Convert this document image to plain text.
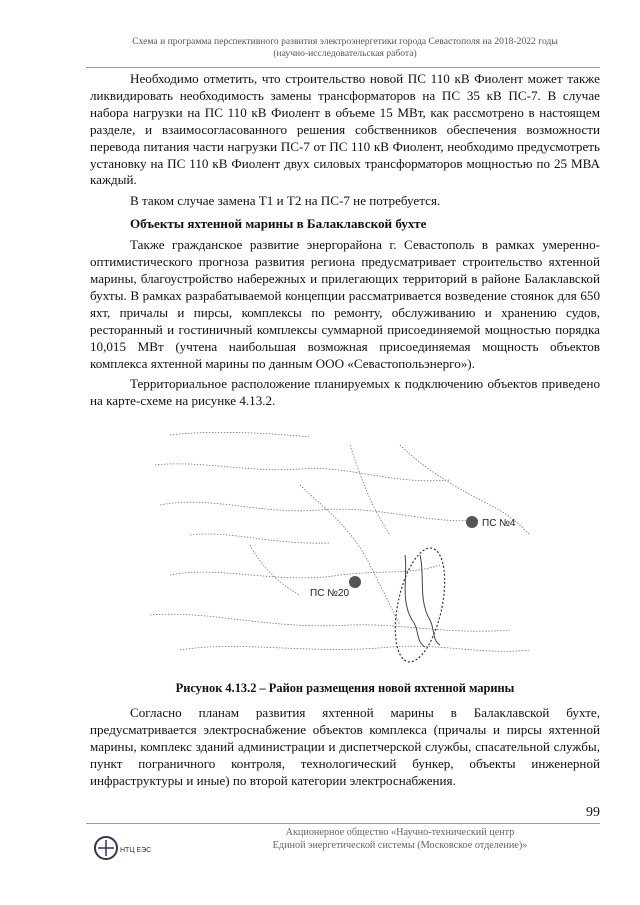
Схема и программа перспективного развития электроэнергетики города Севастополя на 2018-2022 годы
(научно-исследовательская работа)

Необходимо отметить, что строительство новой ПС 110 кВ Фиолент может также ликвидировать необходимость замены трансформаторов на ПС 35 кВ ПС-7. В случае набора нагрузки на ПС 110 кВ Фиолент в объеме 15 МВт, как рассмотрено в настоящем разделе, и взаимосогласованного решения собственников обеспечения возможности перевода питания части нагрузки ПС-7 от ПС 110 кВ Фиолент, необходимо предусмотреть установку на ПС 110 кВ Фиолент двух силовых трансформаторов мощностью по 25 МВА каждый.

В таком случае замена Т1 и Т2 на ПС-7 не потребуется.

Объекты яхтенной марины в Балаклавской бухте

Также гражданское развитие энергорайона г. Севастополь в рамках умеренно-оптимистического прогноза развития региона предусматривает строительство яхтенной марины, благоустройство набережных и прилегающих территорий в районе Балаклавской бухты. В рамках разрабатываемой концепции рассматривается возведение стоянок для 650 яхт, причалы и пирсы, комплексы по ремонту, обслуживанию и хранению судов, ресторанный и гостиничный комплексы суммарной присоединяемой мощностью порядка 10,015 МВт (учтена наибольшая возможная присоединяемая мощность объектов комплекса яхтенной марины по данным ООО «Севастопольэнерго»).

Территориальное расположение планируемых к подключению объектов приведено на карте-схеме на рисунке 4.13.2.

ПС №4
ПС №20
Рисунок 4.13.2 – Район размещения новой яхтенной марины

Согласно планам развития яхтенной марины в Балаклавской бухте, предусматривается электроснабжение объектов комплекса (причалы и пирсы яхтенной марины, комплекс зданий администрации и диспетчерской службы, спасательной службы, пункт пограничного контроля, технологический бункер, объекты инженерной инфраструктуры и иные) по второй категории электроснабжения.

99
НТЦ ЕЭС
Акционерное общество «Научно-технический центр
Единой энергетической системы (Московское отделение)»
